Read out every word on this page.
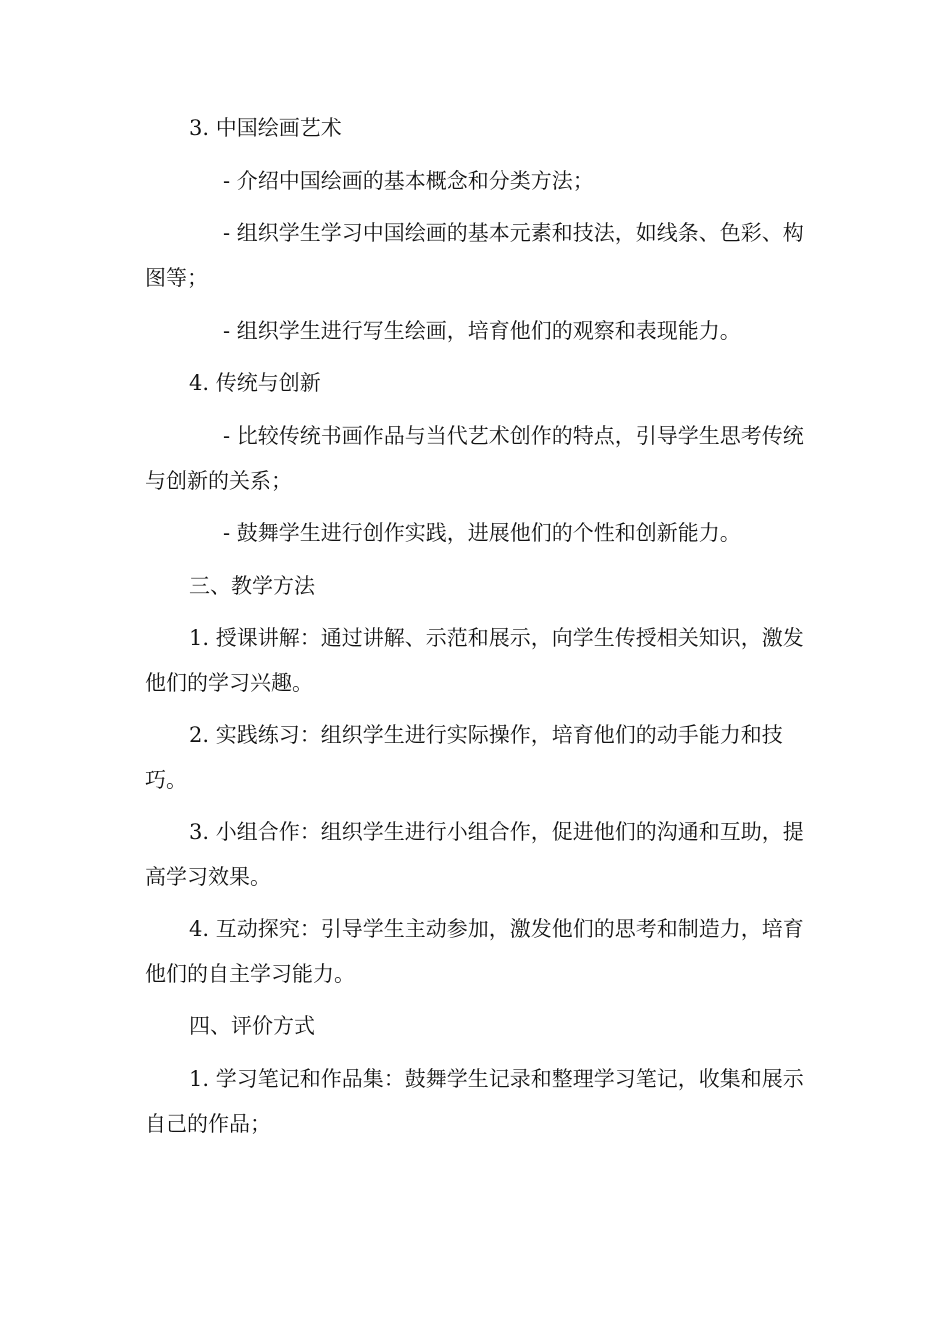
3. 中国绘画艺术

- 介绍中国绘画的基本概念和分类方法；

- 组织学生学习中国绘画的基本元素和技法，如线条、色彩、构图等；

- 组织学生进行写生绘画，培育他们的观察和表现能力。

4. 传统与创新

- 比较传统书画作品与当代艺术创作的特点，引导学生思考传统与创新的关系；

- 鼓舞学生进行创作实践，进展他们的个性和创新能力。

三、教学方法

1. 授课讲解：通过讲解、示范和展示，向学生传授相关知识，激发他们的学习兴趣。

2. 实践练习：组织学生进行实际操作，培育他们的动手能力和技巧。

3. 小组合作：组织学生进行小组合作，促进他们的沟通和互助，提高学习效果。

4. 互动探究：引导学生主动参加，激发他们的思考和制造力，培育他们的自主学习能力。

四、评价方式

1. 学习笔记和作品集：鼓舞学生记录和整理学习笔记，收集和展示自己的作品；
